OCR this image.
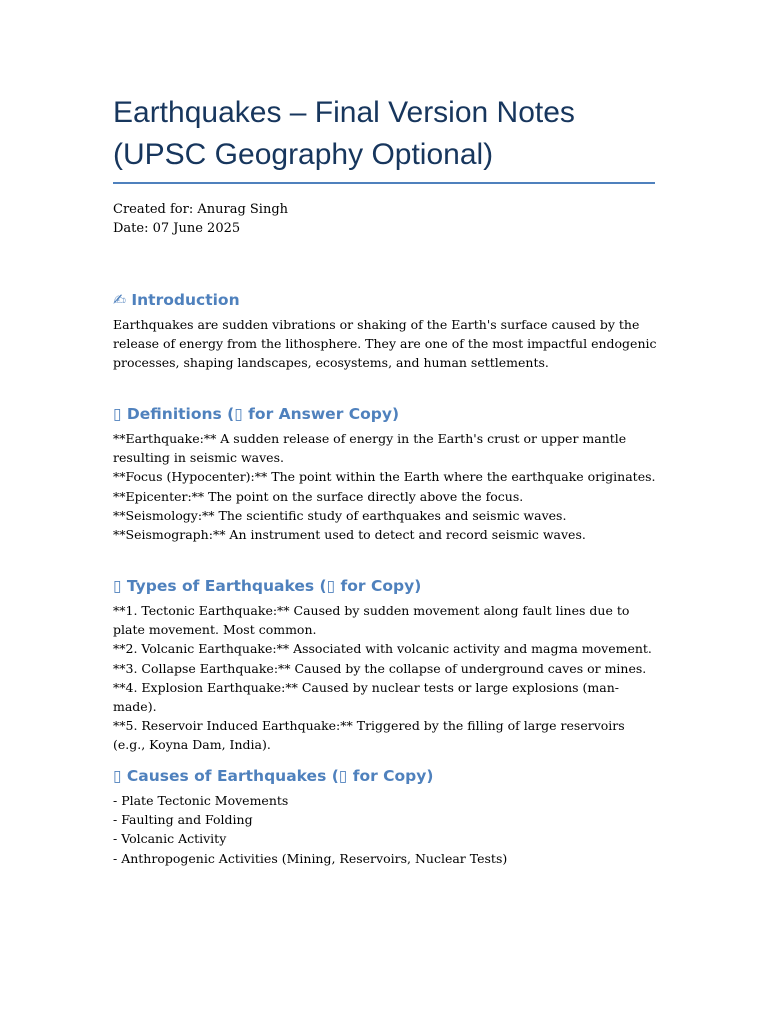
Earthquakes – Final Version Notes
(UPSC Geography Optional)
Created for: Anurag Singh
Date: 07 June 2025
✍ Introduction
Earthquakes are sudden vibrations or shaking of the Earth's surface caused by the release of energy from the lithosphere. They are one of the most impactful endogenic processes, shaping landscapes, ecosystems, and human settlements.
▯ Definitions (▯ for Answer Copy)
**Earthquake:** A sudden release of energy in the Earth's crust or upper mantle resulting in seismic waves.
**Focus (Hypocenter):** The point within the Earth where the earthquake originates.
**Epicenter:** The point on the surface directly above the focus.
**Seismology:** The scientific study of earthquakes and seismic waves.
**Seismograph:** An instrument used to detect and record seismic waves.
▯ Types of Earthquakes (▯ for Copy)
**1. Tectonic Earthquake:** Caused by sudden movement along fault lines due to plate movement. Most common.
**2. Volcanic Earthquake:** Associated with volcanic activity and magma movement.
**3. Collapse Earthquake:** Caused by the collapse of underground caves or mines.
**4. Explosion Earthquake:** Caused by nuclear tests or large explosions (man-made).
**5. Reservoir Induced Earthquake:** Triggered by the filling of large reservoirs (e.g., Koyna Dam, India).
▯ Causes of Earthquakes (▯ for Copy)
- Plate Tectonic Movements
- Faulting and Folding
- Volcanic Activity
- Anthropogenic Activities (Mining, Reservoirs, Nuclear Tests)
